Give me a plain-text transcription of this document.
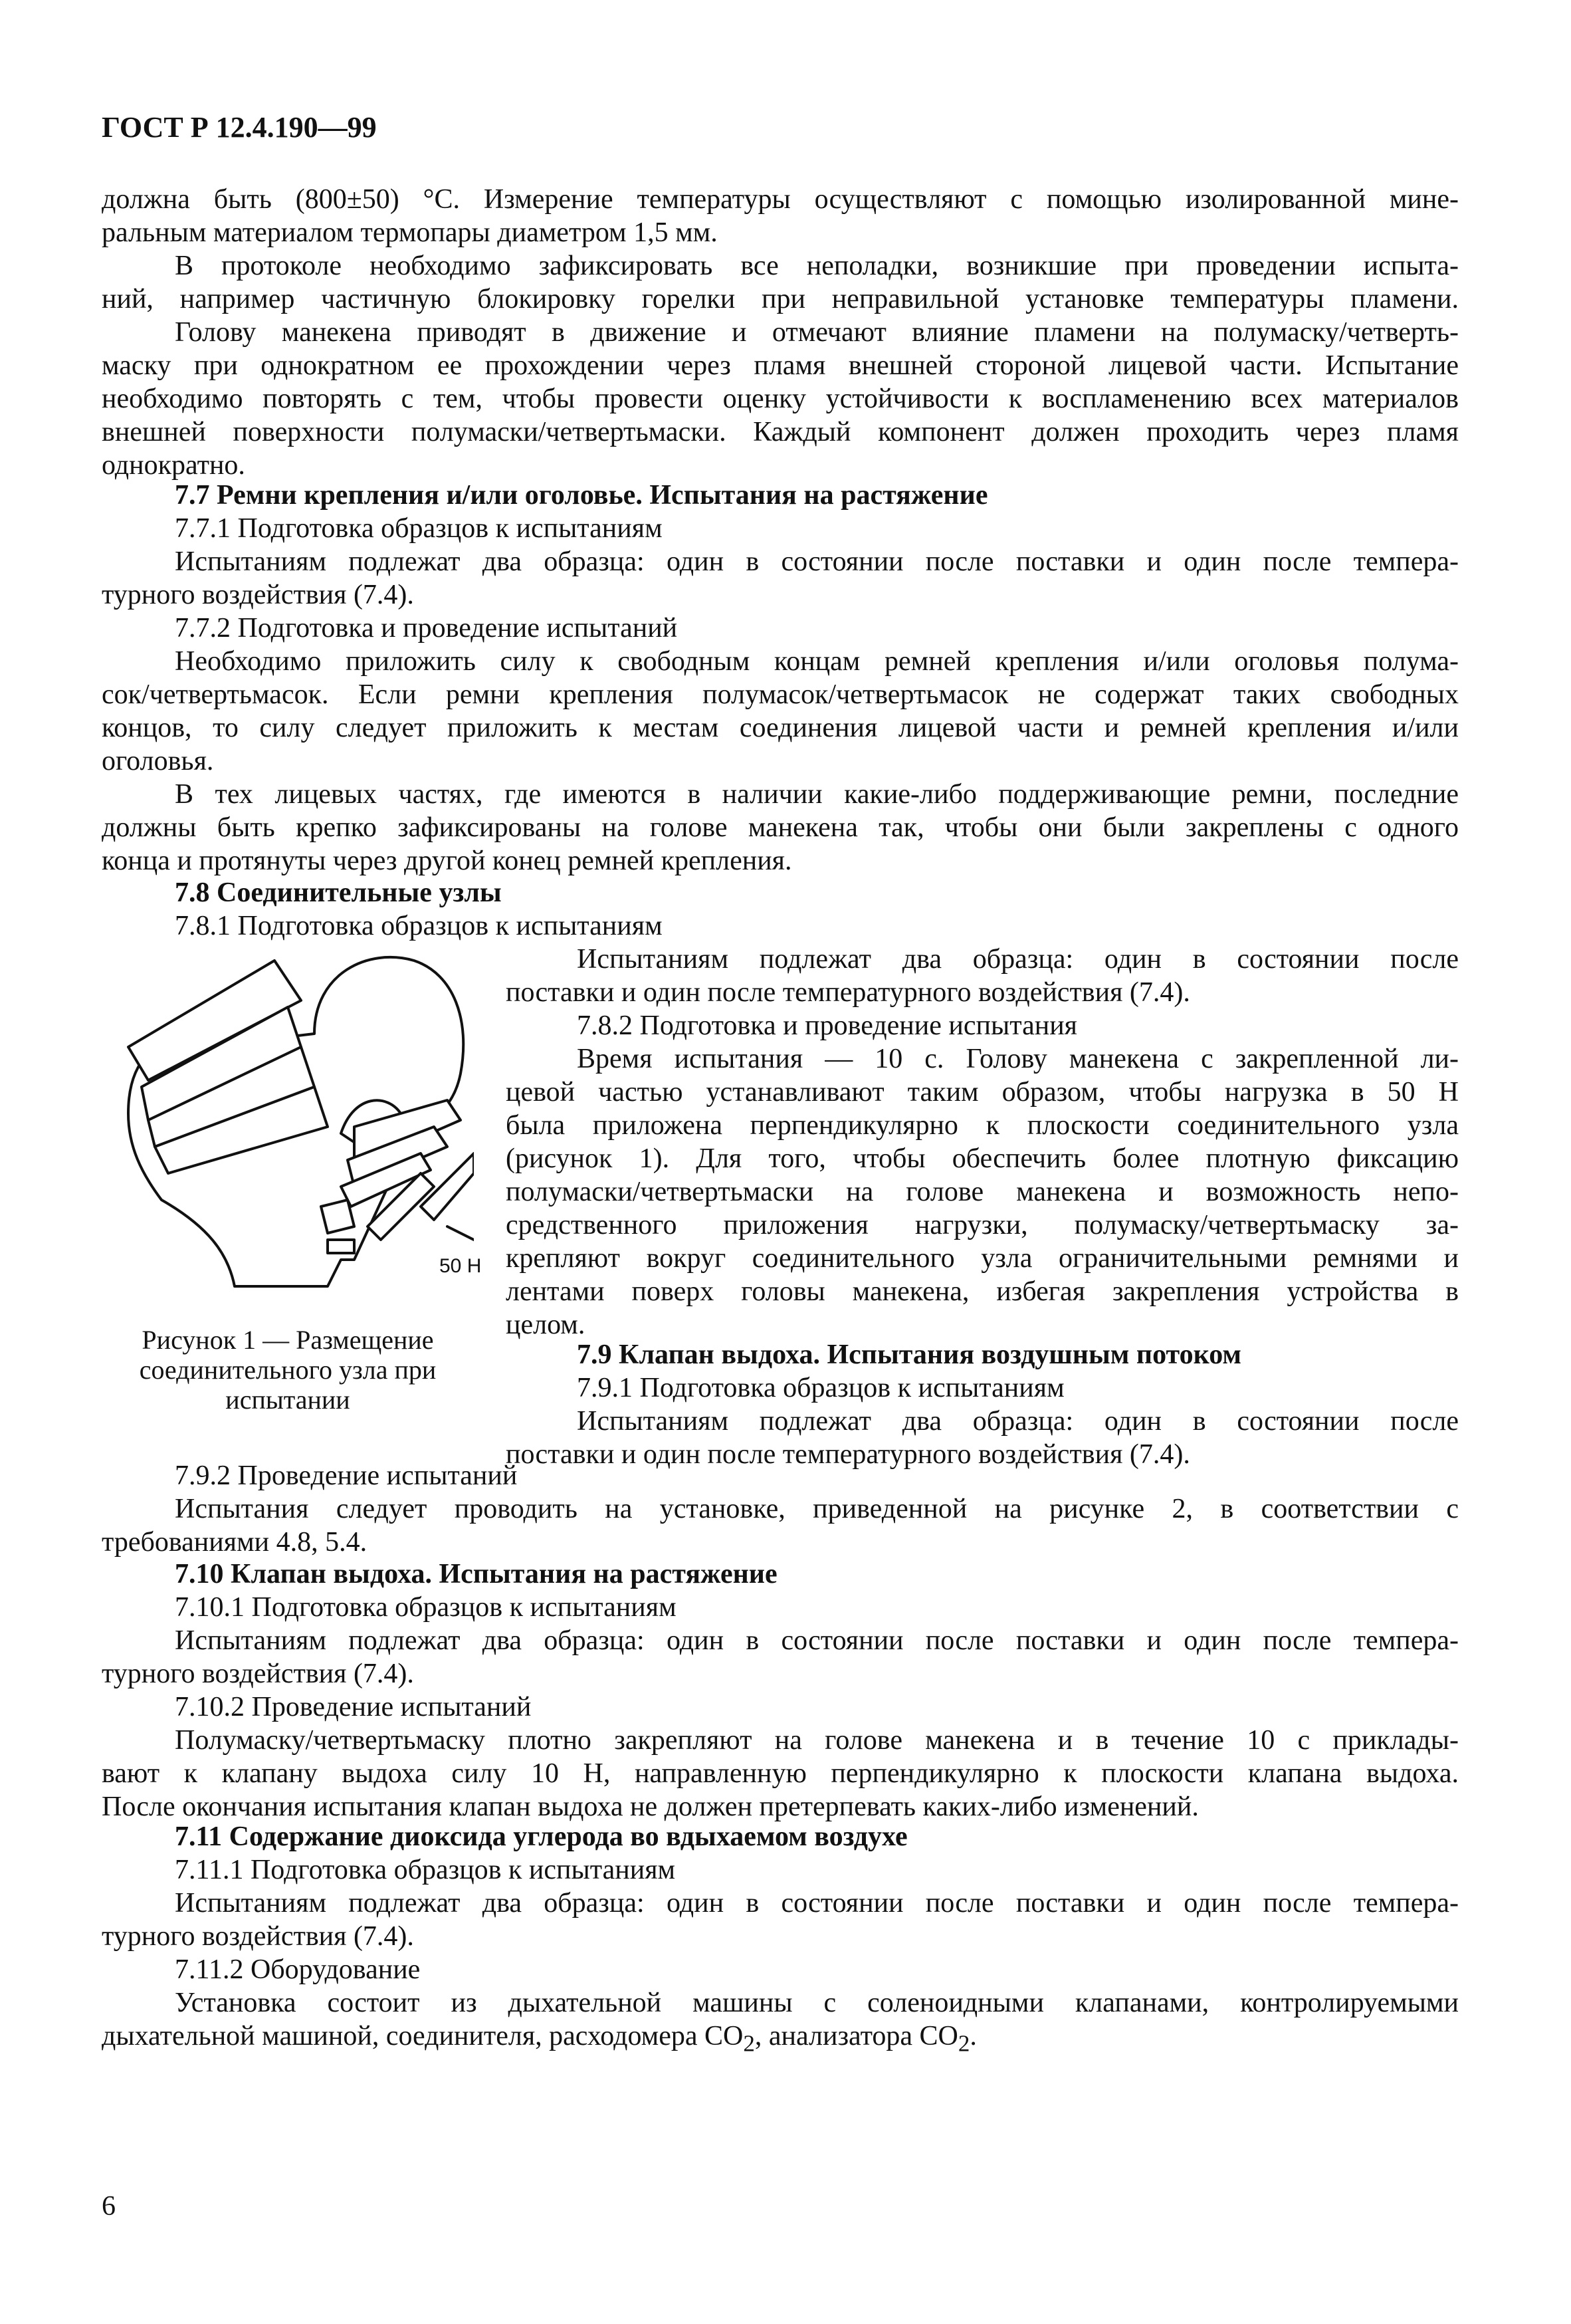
ГОСТ Р 12.4.190—99
должна быть (800±50) °С. Измерение температуры осуществляют с помощью изолированной мине-
ральным материалом термопары диаметром 1,5 мм.
В протоколе необходимо зафиксировать все неполадки, возникшие при проведении испыта-
ний, например частичную блокировку горелки при неправильной установке температуры пламени.
Голову манекена приводят в движение и отмечают влияние пламени на полумаску/четверть-
маску при однократном ее прохождении через пламя внешней стороной лицевой части. Испытание
необходимо повторять с тем, чтобы провести оценку устойчивости к воспламенению всех материалов
внешней поверхности полумаски/четвертьмаски. Каждый компонент должен проходить через пламя
однократно.
7.7 Ремни крепления и/или оголовье. Испытания на растяжение
7.7.1 Подготовка образцов к испытаниям
Испытаниям подлежат два образца: один в состоянии после поставки и один после темпера-
турного воздействия (7.4).
7.7.2 Подготовка и проведение испытаний
Необходимо приложить силу к свободным концам ремней крепления и/или оголовья полума-
сок/четвертьмасок. Если ремни крепления полумасок/четвертьмасок не содержат таких свободных
концов, то силу следует приложить к местам соединения лицевой части и ремней крепления и/или
оголовья.
В тех лицевых частях, где имеются в наличии какие-либо поддерживающие ремни, последние
должны быть крепко зафиксированы на голове манекена так, чтобы они были закреплены с одного
конца и протянуты через другой конец ремней крепления.
7.8 Соединительные узлы
7.8.1 Подготовка образцов к испытаниям
Испытаниям подлежат два образца: один в состоянии после
поставки и один после температурного воздействия (7.4).
7.8.2 Подготовка и проведение испытания
Время испытания — 10 с. Голову манекена с закрепленной ли-
цевой частью устанавливают таким образом, чтобы нагрузка в 50 Н
была приложена перпендикулярно к плоскости соединительного узла
(рисунок 1). Для того, чтобы обеспечить более плотную фиксацию
полумаски/четвертьмаски на голове манекена и возможность непо-
средственного приложения нагрузки, полумаску/четвертьмаску за-
крепляют вокруг соединительного узла ограничительными ремнями и
лентами поверх головы манекена, избегая закрепления устройства в
целом.
7.9 Клапан выдоха. Испытания воздушным потоком
7.9.1 Подготовка образцов к испытаниям
Испытаниям подлежат два образца: один в состоянии после
поставки и один после температурного воздействия (7.4).
50 Н
Рисунок 1 — Размещение
соединительного узла при
испытании
7.9.2 Проведение испытаний
Испытания следует проводить на установке, приведенной на рисунке 2, в соответствии с
требованиями 4.8, 5.4.
7.10 Клапан выдоха. Испытания на растяжение
7.10.1 Подготовка образцов к испытаниям
Испытаниям подлежат два образца: один в состоянии после поставки и один после темпера-
турного воздействия (7.4).
7.10.2 Проведение испытаний
Полумаску/четвертьмаску плотно закрепляют на голове манекена и в течение 10 с приклады-
вают к клапану выдоха силу 10 Н, направленную перпендикулярно к плоскости клапана выдоха.
После окончания испытания клапан выдоха не должен претерпевать каких-либо изменений.
7.11 Содержание диоксида углерода во вдыхаемом воздухе
7.11.1 Подготовка образцов к испытаниям
Испытаниям подлежат два образца: один в состоянии после поставки и один после темпера-
турного воздействия (7.4).
7.11.2 Оборудование
Установка состоит из дыхательной машины с соленоидными клапанами, контролируемыми
дыхательной машиной, соединителя, расходомера $СО_2$, анализатора $СО_2$.
6
